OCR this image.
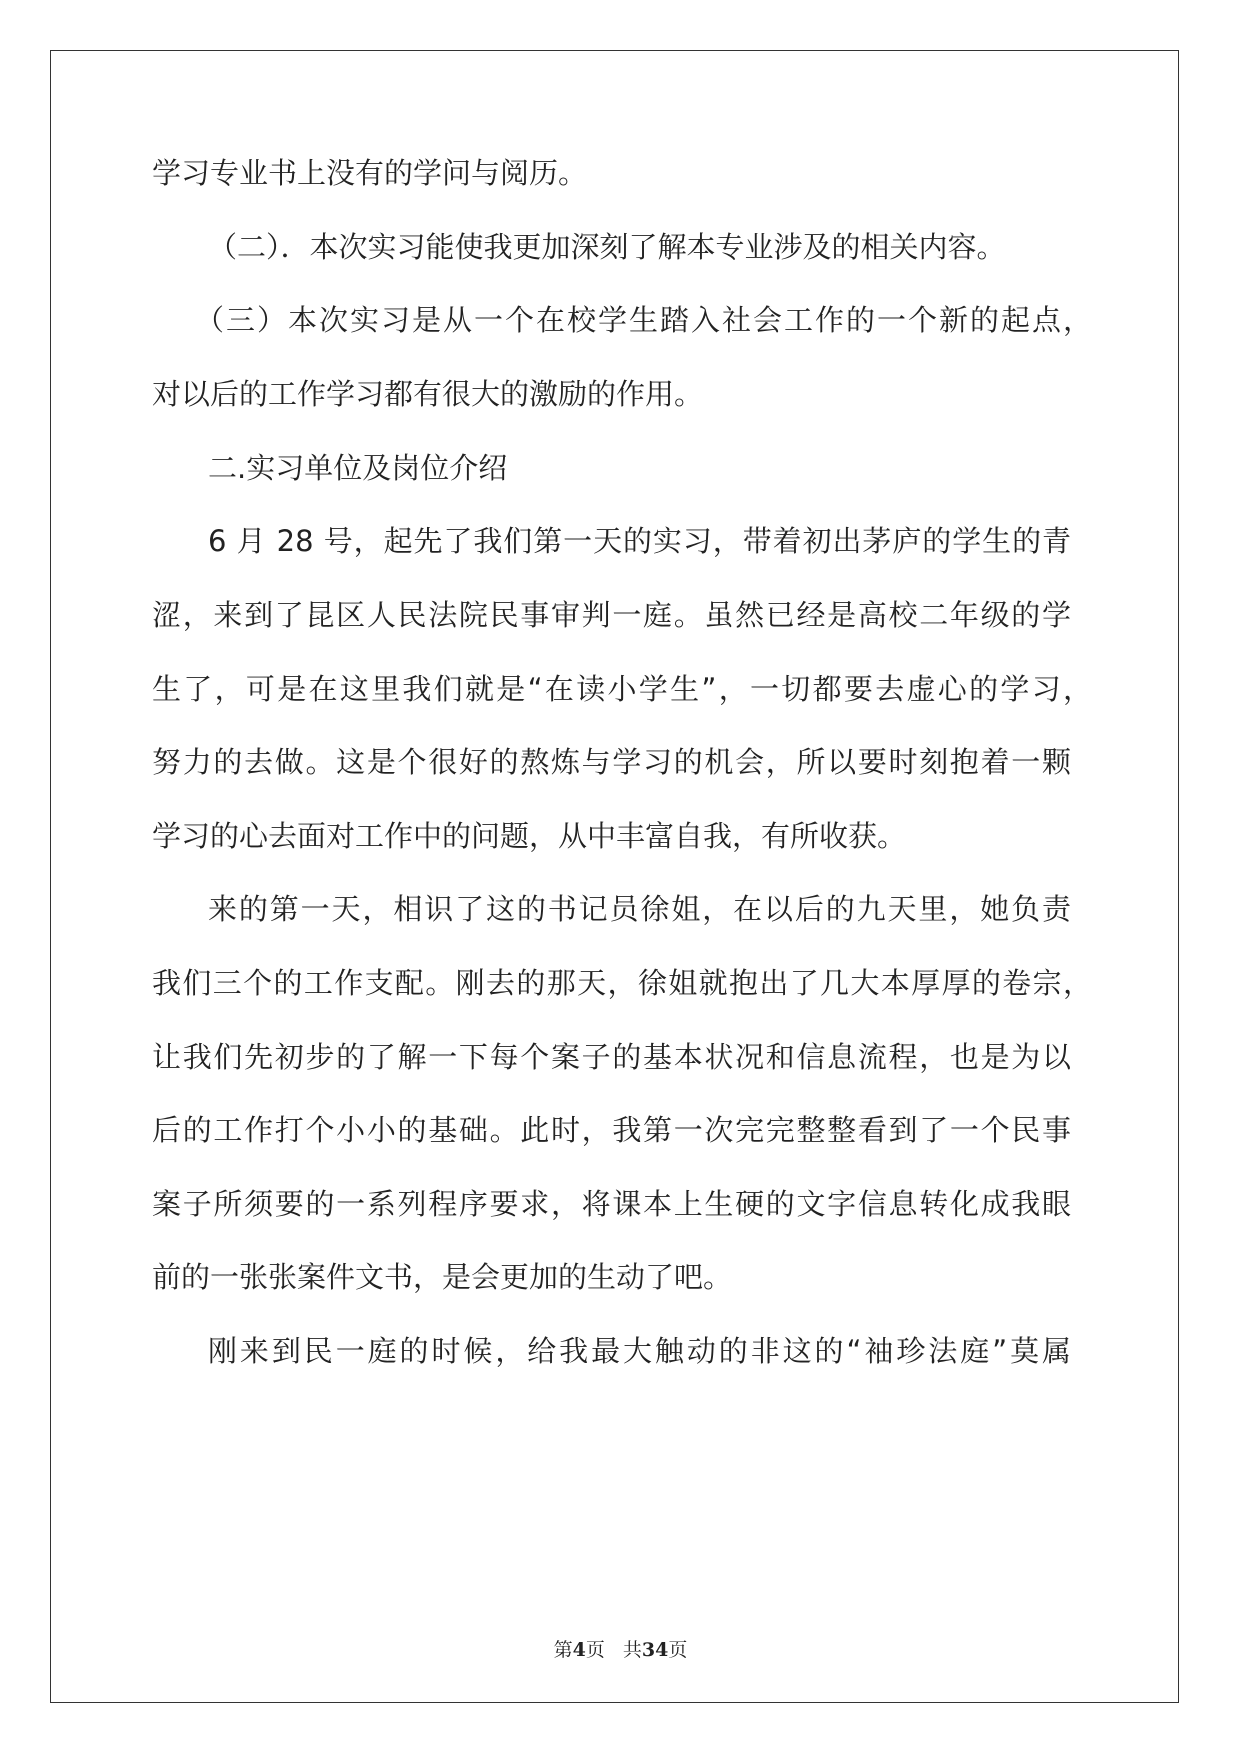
学习专业书上没有的学问与阅历。
（二）．本次实习能使我更加深刻了解本专业涉及的相关内容。
（三）本次实习是从一个在校学生踏入社会工作的一个新的起点，
对以后的工作学习都有很大的激励的作用。
二.实习单位及岗位介绍
6 月 28 号，起先了我们第一天的实习，带着初出茅庐的学生的青
涩，来到了昆区人民法院民事审判一庭。虽然已经是高校二年级的学
生了，可是在这里我们就是“在读小学生”，一切都要去虚心的学习，
努力的去做。这是个很好的熬炼与学习的机会，所以要时刻抱着一颗
学习的心去面对工作中的问题，从中丰富自我，有所收获。
来的第一天，相识了这的书记员徐姐，在以后的九天里，她负责
我们三个的工作支配。刚去的那天，徐姐就抱出了几大本厚厚的卷宗，
让我们先初步的了解一下每个案子的基本状况和信息流程，也是为以
后的工作打个小小的基础。此时，我第一次完完整整看到了一个民事
案子所须要的一系列程序要求，将课本上生硬的文字信息转化成我眼
前的一张张案件文书，是会更加的生动了吧。
刚来到民一庭的时候，给我最大触动的非这的“袖珍法庭”莫属
第4页 共34页
